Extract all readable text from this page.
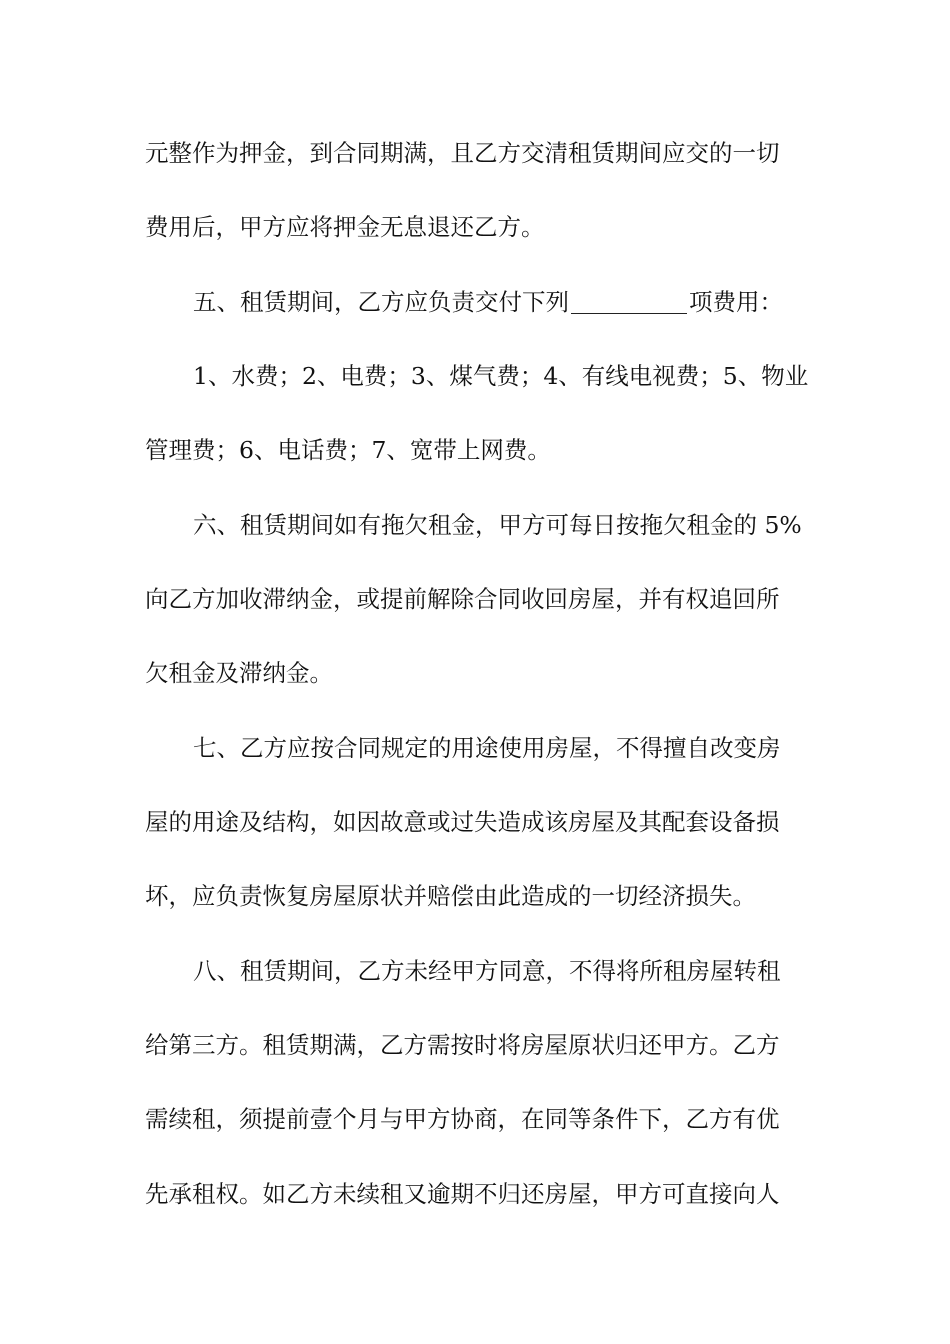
元整作为押金，到合同期满，且乙方交清租赁期间应交的一切
费用后，甲方应将押金无息退还乙方。
五、租赁期间，乙方应负责交付下列	项费用：
1、水费；2、电费；3、煤气费；4、有线电视费；5、物业
管理费；6、电话费；7、宽带上网费。
六、租赁期间如有拖欠租金，甲方可每日按拖欠租金的 5%
向乙方加收滞纳金，或提前解除合同收回房屋，并有权追回所
欠租金及滞纳金。
七、乙方应按合同规定的用途使用房屋，不得擅自改变房
屋的用途及结构，如因故意或过失造成该房屋及其配套设备损
坏，应负责恢复房屋原状并赔偿由此造成的一切经济损失。
八、租赁期间，乙方未经甲方同意，不得将所租房屋转租
给第三方。租赁期满，乙方需按时将房屋原状归还甲方。乙方
需续租，须提前壹个月与甲方协商，在同等条件下，乙方有优
先承租权。如乙方未续租又逾期不归还房屋，甲方可直接向人
